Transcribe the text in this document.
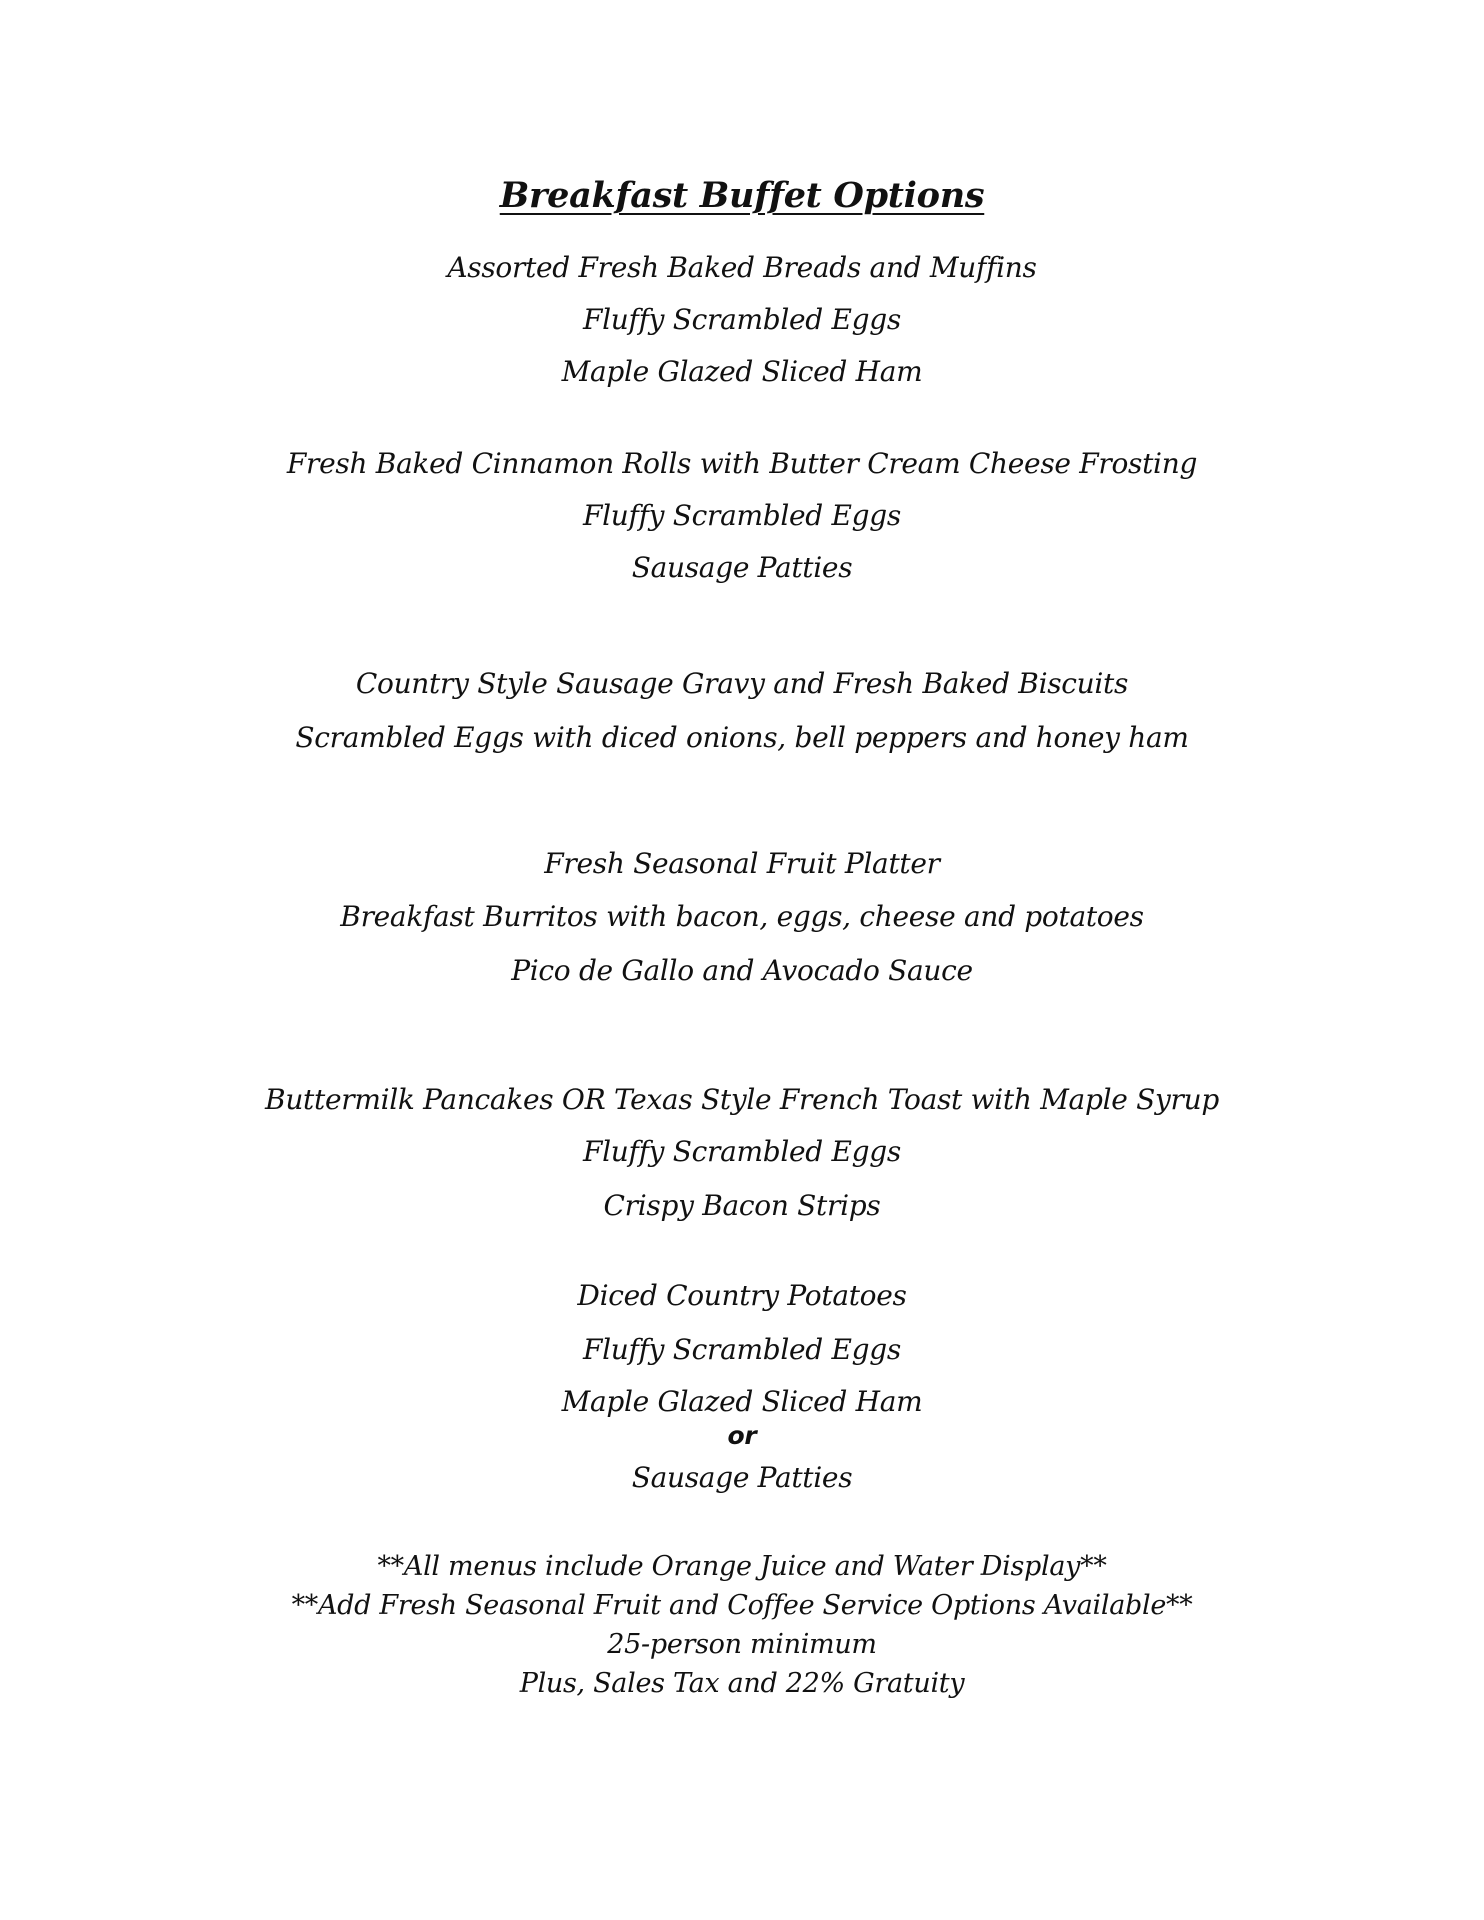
Breakfast Buffet Options
Assorted Fresh Baked Breads and Muffins
Fluffy Scrambled Eggs
Maple Glazed Sliced Ham
Fresh Baked Cinnamon Rolls with Butter Cream Cheese Frosting
Fluffy Scrambled Eggs
Sausage Patties
Country Style Sausage Gravy and Fresh Baked Biscuits
Scrambled Eggs with diced onions, bell peppers and honey ham
Fresh Seasonal Fruit Platter
Breakfast Burritos with bacon, eggs, cheese and potatoes
Pico de Gallo and Avocado Sauce
Buttermilk Pancakes OR Texas Style French Toast with Maple Syrup
Fluffy Scrambled Eggs
Crispy Bacon Strips
Diced Country Potatoes
Fluffy Scrambled Eggs
Maple Glazed Sliced Ham
or
Sausage Patties
**All menus include Orange Juice and Water Display**
**Add Fresh Seasonal Fruit and Coffee Service Options Available**
25-person minimum
Plus, Sales Tax and 22% Gratuity
